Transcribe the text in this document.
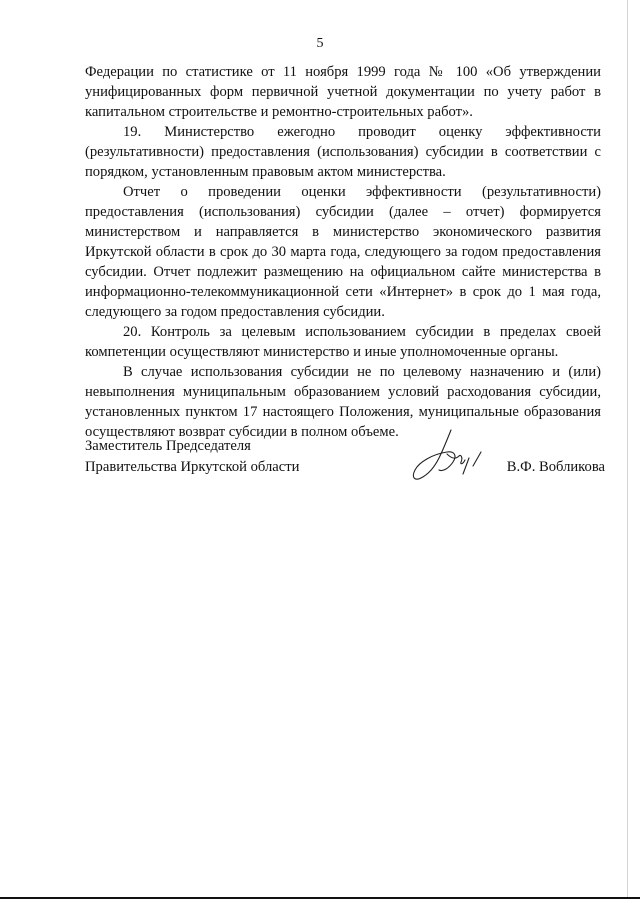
5

Федерации по статистике от 11 ноября 1999 года № 100 «Об утверждении унифицированных форм первичной учетной документации по учету работ в капитальном строительстве и ремонтно-строительных работ».

19. Министерство ежегодно проводит оценку эффективности (результативности) предоставления (использования) субсидии в соответствии с порядком, установленным правовым актом министерства.

Отчет о проведении оценки эффективности (результативности) предоставления (использования) субсидии (далее – отчет) формируется министерством и направляется в министерство экономического развития Иркутской области в срок до 30 марта года, следующего за годом предоставления субсидии. Отчет подлежит размещению на официальном сайте министерства в информационно-телекоммуникационной сети «Интернет» в срок до 1 мая года, следующего за годом предоставления субсидии.

20. Контроль за целевым использованием субсидии в пределах своей компетенции осуществляют министерство и иные уполномоченные органы.

В случае использования субсидии не по целевому назначению и (или) невыполнения муниципальным образованием условий расходования субсидии, установленных пунктом 17 настоящего Положения, муниципальные образования осуществляют возврат субсидии в полном объеме.

Заместитель Председателя
Правительства Иркутской области	В.Ф. Вобликова
